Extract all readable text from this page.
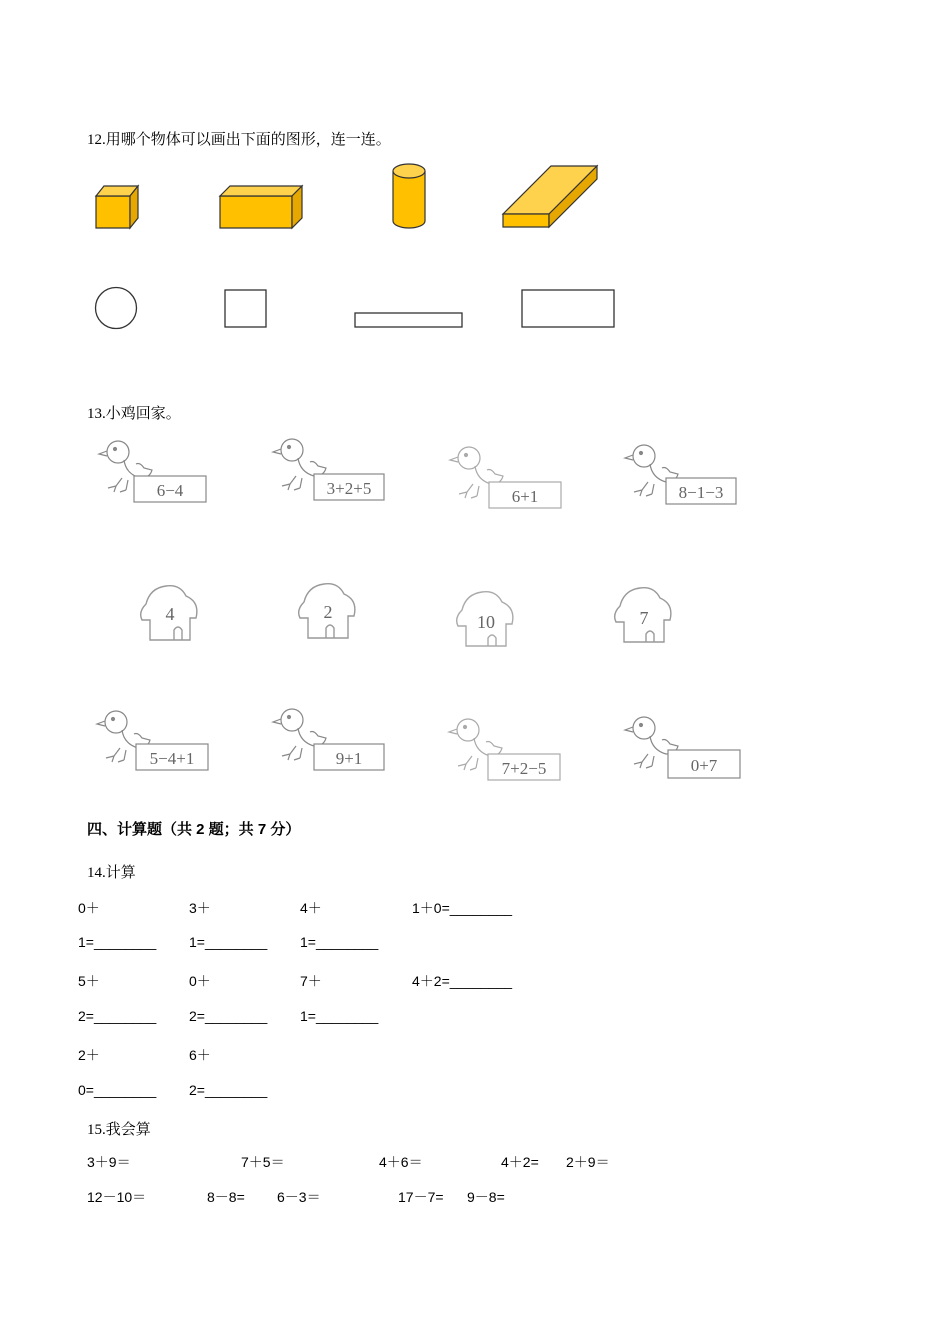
12.用哪个物体可以画出下面的图形，连一连。
13.小鸡回家。
6−4	3+2+5	6+1	8−1−3
4	2	10	7
5−4+1	9+1
7+2−5	0+7
四、计算题（共 2 题；共 7 分）
14.计算
0＋	3＋	4＋	1＋0=________
1=________ 1=________ 1=________
5＋	0＋	7＋	4＋2=________
2=________ 2=________ 1=________
2＋	6＋
0=________ 2=________
15.我会算
3＋9＝	7＋5＝	4＋6＝	4＋2= 2＋9＝
12－10＝	8－8= 6－3＝	17－7= 9－8=
